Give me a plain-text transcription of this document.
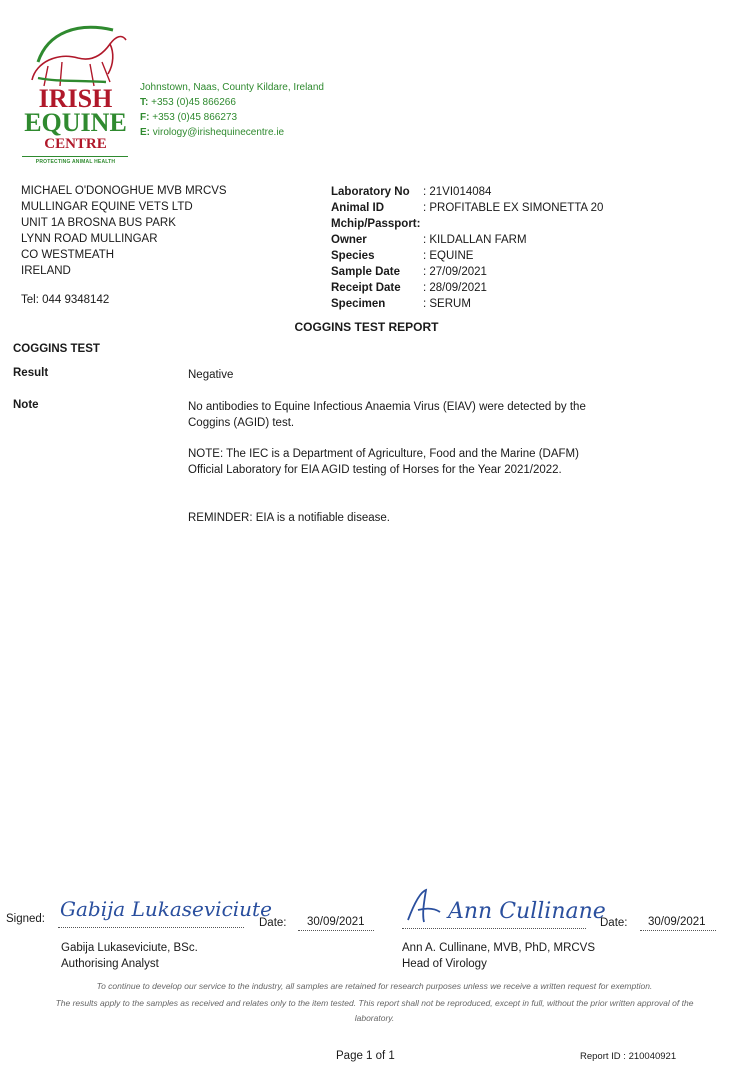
IRISH
EQUINE
CENTRE
PROTECTING ANIMAL HEALTH
Johnstown, Naas, County Kildare, Ireland
T: +353 (0)45 866266
F: +353 (0)45 866273
E: virology@irishequinecentre.ie
MICHAEL O'DONOGHUE MVB MRCVS
MULLINGAR EQUINE VETS LTD
UNIT 1A BROSNA BUS PARK
LYNN ROAD MULLINGAR
CO WESTMEATH
IRELAND
Tel: 044 9348142
Laboratory No	: 21VI014084
Animal ID	: PROFITABLE EX SIMONETTA 20
Mchip/Passport :
Owner	: KILDALLAN FARM
Species	: EQUINE
Sample Date	: 27/09/2021
Receipt Date	: 28/09/2021
Specimen	: SERUM
COGGINS TEST REPORT
COGGINS TEST
Result	Negative
Note	No antibodies to Equine Infectious Anaemia Virus (EIAV) were detected by the Coggins (AGID) test.
NOTE: The IEC is a Department of Agriculture, Food and the Marine (DAFM) Official Laboratory for EIA AGID testing of Horses for the Year 2021/2022.
REMINDER: EIA is a notifiable disease.
Signed: Gabija Lukaseviciute
Date: 30/09/2021
Gabija Lukaseviciute, BSc.
Authorising Analyst
Ann Cullinane
Date: 30/09/2021
Ann A. Cullinane, MVB, PhD, MRCVS
Head of Virology
To continue to develop our service to the industry, all samples are retained for research purposes unless we receive a written request for exemption.
The results apply to the samples as received and relates only to the item tested. This report shall not be reproduced, except in full, without the prior written approval of the laboratory.
Page 1 of 1	Report ID : 210040921
